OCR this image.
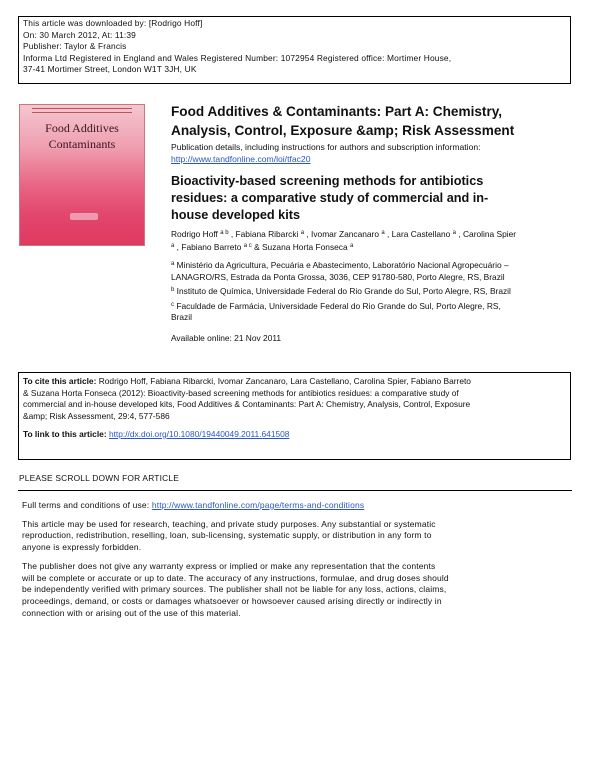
This article was downloaded by: [Rodrigo Hoff]
On: 30 March 2012, At: 11:39
Publisher: Taylor & Francis
Informa Ltd Registered in England and Wales Registered Number: 1072954 Registered office: Mortimer House,
37-41 Mortimer Street, London W1T 3JH, UK
Food Additives
Contaminants
Food Additives & Contaminants: Part A: Chemistry,
Analysis, Control, Exposure &amp; Risk Assessment
Publication details, including instructions for authors and subscription information:
http://www.tandfonline.com/loi/tfac20
Bioactivity-based screening methods for antibiotics
residues: a comparative study of commercial and in-
house developed kits
Rodrigo Hoff $^{a b}$ , Fabiana Ribarcki $^a$ , Ivomar Zancanaro $^a$ , Lara Castellano $^a$ , Carolina Spier
$^a$ , Fabiano Barreto $^{a c}$ & Suzana Horta Fonseca $^a$
$^a$ Ministério da Agricultura, Pecuária e Abastecimento, Laboratório Nacional Agropecuário –
LANAGRO/RS, Estrada da Ponta Grossa, 3036, CEP 91780-580, Porto Alegre, RS, Brazil
$^b$ Instituto de Química, Universidade Federal do Rio Grande do Sul, Porto Alegre, RS, Brazil
$^c$ Faculdade de Farmácia, Universidade Federal do Rio Grande do Sul, Porto Alegre, RS,
Brazil
Available online: 21 Nov 2011
To cite this article: Rodrigo Hoff, Fabiana Ribarcki, Ivomar Zancanaro, Lara Castellano, Carolina Spier, Fabiano Barreto
& Suzana Horta Fonseca (2012): Bioactivity-based screening methods for antibiotics residues: a comparative study of
commercial and in-house developed kits, Food Additives & Contaminants: Part A: Chemistry, Analysis, Control, Exposure
&amp; Risk Assessment, 29:4, 577-586
To link to this article: http://dx.doi.org/10.1080/19440049.2011.641508
PLEASE SCROLL DOWN FOR ARTICLE

Full terms and conditions of use: http://www.tandfonline.com/page/terms-and-conditions

This article may be used for research, teaching, and private study purposes. Any substantial or systematic
reproduction, redistribution, reselling, loan, sub-licensing, systematic supply, or distribution in any form to
anyone is expressly forbidden.

The publisher does not give any warranty express or implied or make any representation that the contents
will be complete or accurate or up to date. The accuracy of any instructions, formulae, and drug doses should
be independently verified with primary sources. The publisher shall not be liable for any loss, actions, claims,
proceedings, demand, or costs or damages whatsoever or howsoever caused arising directly or indirectly in
connection with or arising out of the use of this material.
